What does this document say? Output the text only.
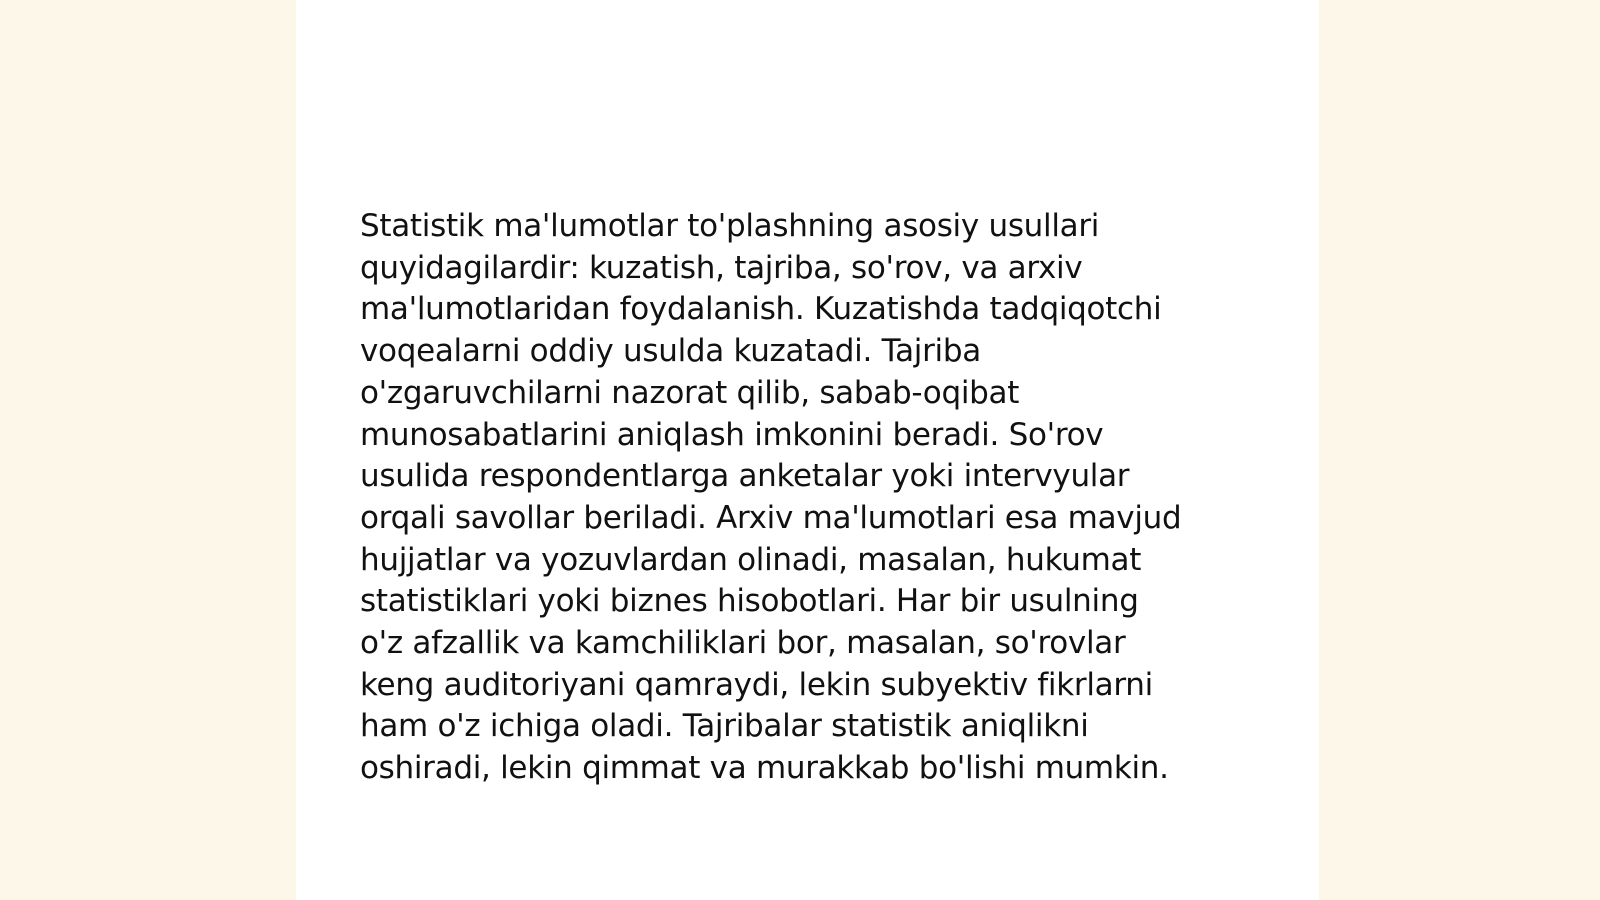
Statistik ma'lumotlar to'plashning asosiy usullari
quyidagilardir: kuzatish, tajriba, so'rov, va arxiv
ma'lumotlaridan foydalanish. Kuzatishda tadqiqotchi
voqealarni oddiy usulda kuzatadi. Tajriba
o'zgaruvchilarni nazorat qilib, sabab-oqibat
munosabatlarini aniqlash imkonini beradi. So'rov
usulida respondentlarga anketalar yoki intervyular
orqali savollar beriladi. Arxiv ma'lumotlari esa mavjud
hujjatlar va yozuvlardan olinadi, masalan, hukumat
statistiklari yoki biznes hisobotlari. Har bir usulning
o'z afzallik va kamchiliklari bor, masalan, so'rovlar
keng auditoriyani qamraydi, lekin subyektiv fikrlarni
ham o'z ichiga oladi. Tajribalar statistik aniqlikni
oshiradi, lekin qimmat va murakkab bo'lishi mumkin.
